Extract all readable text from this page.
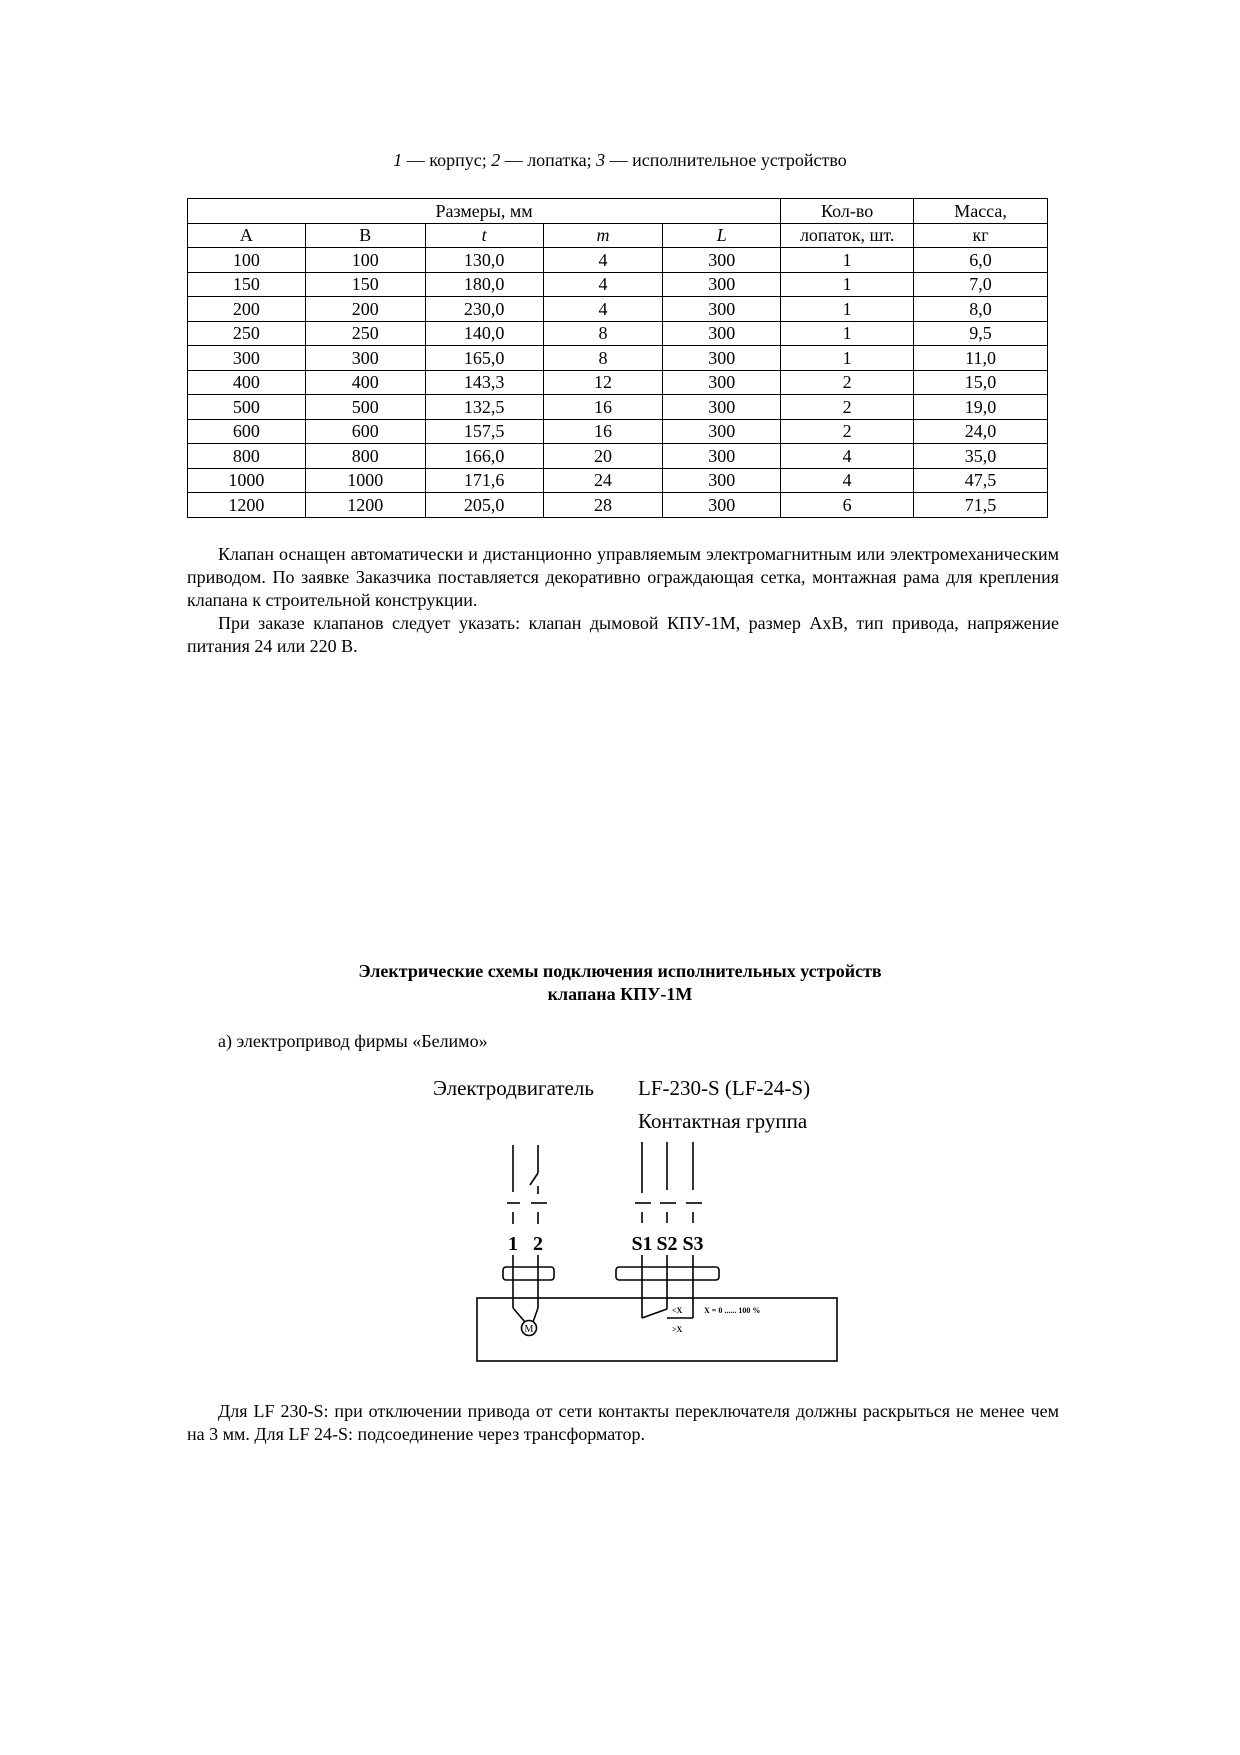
1 — корпус; 2 — лопатка; 3 — исполнительное устройство
Размеры, мм					Кол-во	Масса,
A	B	t	m	L	лопаток, шт.	кг
100	100	130,0	4	300	1	6,0
150	150	180,0	4	300	1	7,0
200	200	230,0	4	300	1	8,0
250	250	140,0	8	300	1	9,5
300	300	165,0	8	300	1	11,0
400	400	143,3	12	300	2	15,0
500	500	132,5	16	300	2	19,0
600	600	157,5	16	300	2	24,0
800	800	166,0	20	300	4	35,0
1000	1000	171,6	24	300	4	47,5
1200	1200	205,0	28	300	6	71,5
Клапан оснащен автоматически и дистанционно управляемым электромагнитным или электромеханическим приводом. По заявке Заказчика поставляется декоративно ограждающая сетка, монтажная рама для крепления клапана к строительной конструкции.
При заказе клапанов следует указать: клапан дымовой КПУ-1М, размер АхВ, тип привода, напряжение питания 24 или 220 В.
Электрические схемы подключения исполнительных устройств
клапана КПУ-1М
а) электропривод фирмы «Белимо»
Электродвигатель LF-230-S (LF-24-S)
Контактная группа
M
1 2	S1 S2 S3
<X
>X
X = 0 ...... 100 %
Для LF 230-S: при отключении привода от сети контакты переключателя должны раскрыться не менее чем на 3 мм. Для LF 24-S: подсоединение через трансформатор.
